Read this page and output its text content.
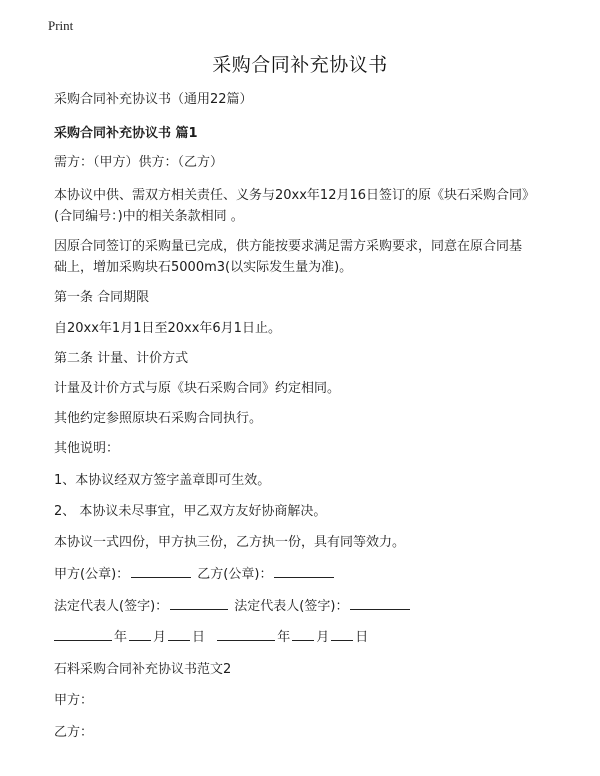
Print
采购合同补充协议书
采购合同补充协议书（通用22篇）
采购合同补充协议书 篇1
需方：（甲方）供方：（乙方）
本协议中供、需双方相关责任、义务与20xx年12月16日签订的原《块石采购合同》
(合同编号：)中的相关条款相同 。
因原合同签订的采购量已完成，供方能按要求满足需方采购要求，同意在原合同基
础上，增加采购块石5000m3(以实际发生量为准)。
第一条 合同期限
自20xx年1月1日至20xx年6月1日止。
第二条 计量、计价方式
计量及计价方式与原《块石采购合同》约定相同。
其他约定参照原块石采购合同执行。
其他说明：
1、本协议经双方签字盖章即可生效。
2、 本协议未尽事宜，甲乙双方友好协商解决。
本协议一式四份，甲方执三份，乙方执一份，具有同等效力。
甲方(公章)：	乙方(公章)：
法定代表人(签字)：	法定代表人(签字)：
年 月 日	年 月 日
石料采购合同补充协议书范文2
甲方：
乙方：
